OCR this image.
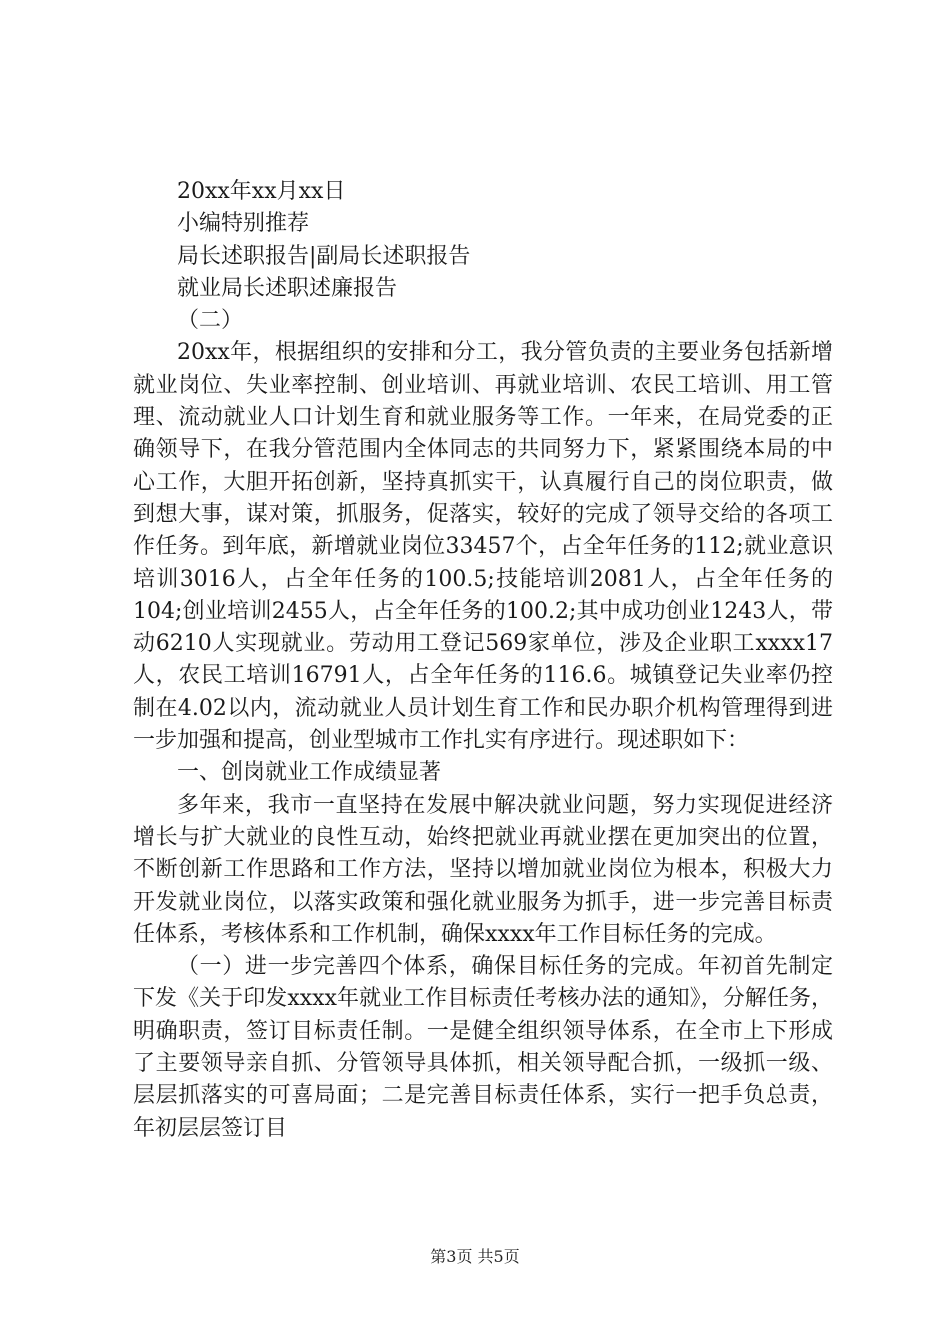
20xx年xx月xx日
小编特别推荐
局长述职报告|副局长述职报告
就业局长述职述廉报告
（二）

20xx年，根据组织的安排和分工，我分管负责的主要业务包括新增就业岗位、失业率控制、创业培训、再就业培训、农民工培训、用工管理、流动就业人口计划生育和就业服务等工作。一年来，在局党委的正确领导下，在我分管范围内全体同志的共同努力下，紧紧围绕本局的中心工作，大胆开拓创新，坚持真抓实干，认真履行自己的岗位职责，做到想大事，谋对策，抓服务，促落实，较好的完成了领导交给的各项工作任务。到年底，新增就业岗位33457个，占全年任务的112;就业意识培训3016人，占全年任务的100.5;技能培训2081人，占全年任务的104;创业培训2455人，占全年任务的100.2;其中成功创业1243人，带动6210人实现就业。劳动用工登记569家单位，涉及企业职工xxxx17人，农民工培训16791人，占全年任务的116.6。城镇登记失业率仍控制在4.02以内，流动就业人员计划生育工作和民办职介机构管理得到进一步加强和提高，创业型城市工作扎实有序进行。现述职如下：

一、创岗就业工作成绩显著

多年来，我市一直坚持在发展中解决就业问题，努力实现促进经济增长与扩大就业的良性互动，始终把就业再就业摆在更加突出的位置，不断创新工作思路和工作方法，坚持以增加就业岗位为根本，积极大力开发就业岗位，以落实政策和强化就业服务为抓手，进一步完善目标责任体系，考核体系和工作机制，确保xxxx年工作目标任务的完成。

（一）进一步完善四个体系，确保目标任务的完成。年初首先制定下发《关于印发xxxx年就业工作目标责任考核办法的通知》，分解任务，明确职责，签订目标责任制。一是健全组织领导体系，在全市上下形成了主要领导亲自抓、分管领导具体抓，相关领导配合抓，一级抓一级、层层抓落实的可喜局面；二是完善目标责任体系，实行一把手负总责，年初层层签订目

第3页 共5页
